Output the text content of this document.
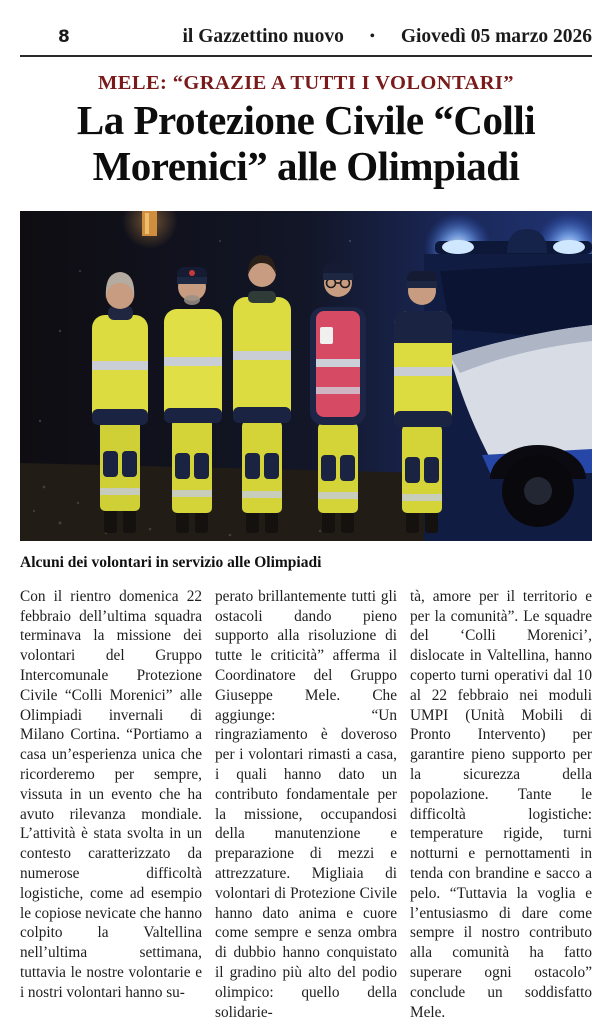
8	il Gazzettino nuovo • Giovedì 05 marzo 2026
MELE: “GRAZIE A TUTTI I VOLONTARI”
La Protezione Civile “Colli Morenici” alle Olimpiadi
Alcuni dei volontari in servizio alle Olimpiadi
Con il rientro domenica 22 febbraio dell’ultima squadra terminava la missione dei volontari del Gruppo Intercomunale Protezione Civile “Colli Morenici” alle Olimpiadi invernali di Milano Cortina. “Portiamo a casa un’esperienza unica che ricorderemo per sempre, vissuta in un evento che ha avuto rilevanza mondiale. L’attività è stata svolta in un contesto caratterizzato da numerose difficoltà logistiche, come ad esempio le copiose nevicate che hanno colpito la Valtellina nell’ultima settimana, tuttavia le nostre volontarie e i nostri volontari hanno su-
perato brillantemente tutti gli ostacoli dando pieno supporto alla risoluzione di tutte le criticità” afferma il Coordinatore del Gruppo Giuseppe Mele. Che aggiunge: “Un ringraziamento è doveroso per i volontari rimasti a casa, i quali hanno dato un contributo fondamentale per la missione, occupandosi della manutenzione e preparazione di mezzi e attrezzature. Migliaia di volontari di Protezione Civile hanno dato anima e cuore come sempre e senza ombra di dubbio hanno conquistato il gradino più alto del podio olimpico: quello della solidarie-
tà, amore per il territorio e per la comunità”. Le squadre del ‘Colli Morenici’, dislocate in Valtellina, hanno coperto turni operativi dal 10 al 22 febbraio nei moduli UMPI (Unità Mobili di Pronto Intervento) per garantire pieno supporto per la sicurezza della popolazione. Tante le difficoltà logistiche: temperature rigide, turni notturni e pernottamenti in tenda con brandine e sacco a pelo. “Tuttavia la voglia e l’entusiasmo di dare come sempre il nostro contributo alla comunità ha fatto superare ogni ostacolo” conclude un soddisfatto Mele.
